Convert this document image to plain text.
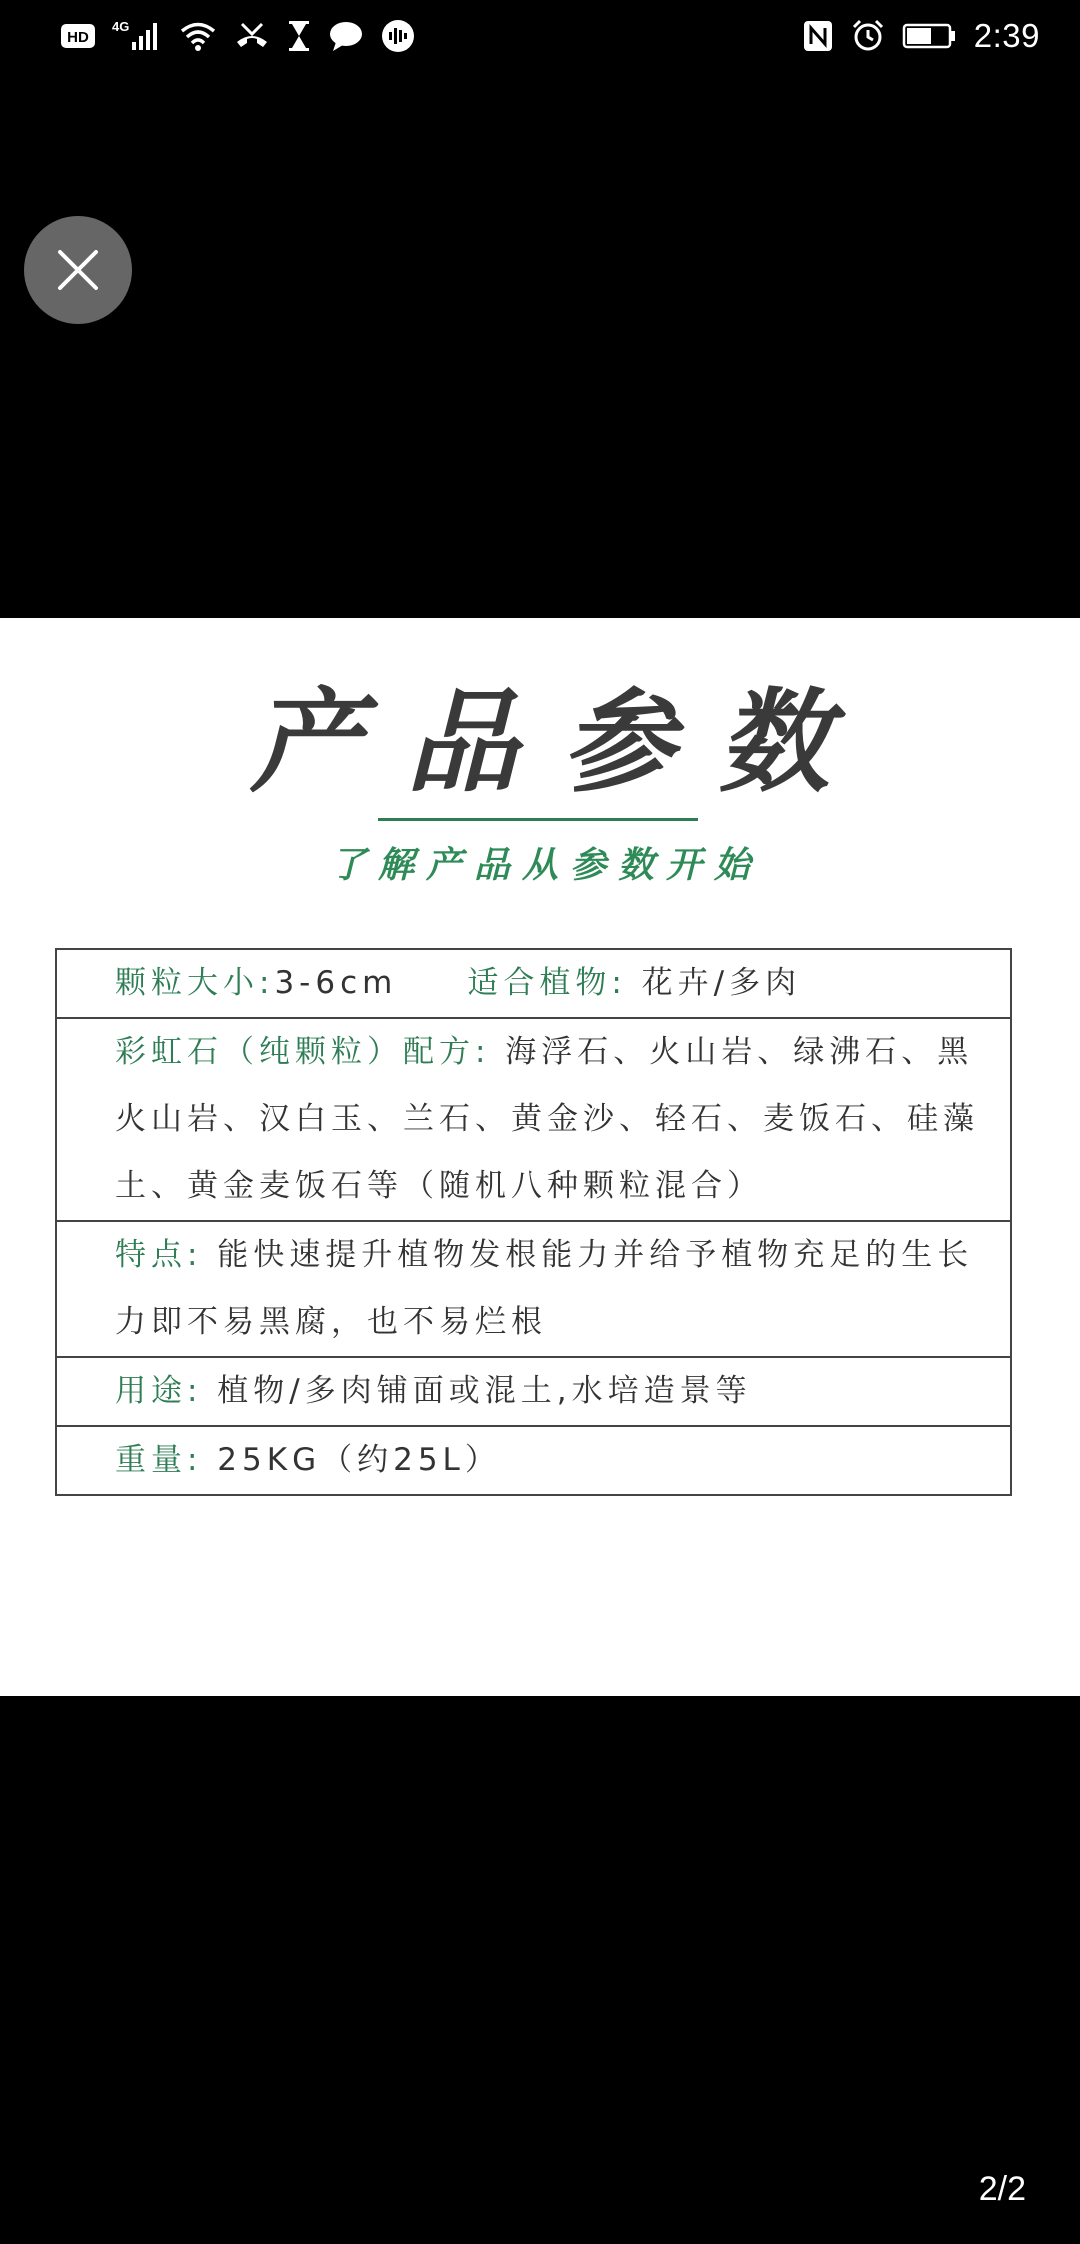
HD
4G	2:39
产品参数
了解产品从参数开始
颗粒大小:3-6cm 适合植物: 花卉/多肉
彩虹石（纯颗粒）配方: 海浮石、火山岩、绿沸石、黑火山岩、汉白玉、兰石、黄金沙、轻石、麦饭石、硅藻土、黄金麦饭石等（随机八种颗粒混合）
特点: 能快速提升植物发根能力并给予植物充足的生长力即不易黑腐，也不易烂根
用途: 植物/多肉铺面或混土,水培造景等
重量: 25KG（约25L）
2/2
